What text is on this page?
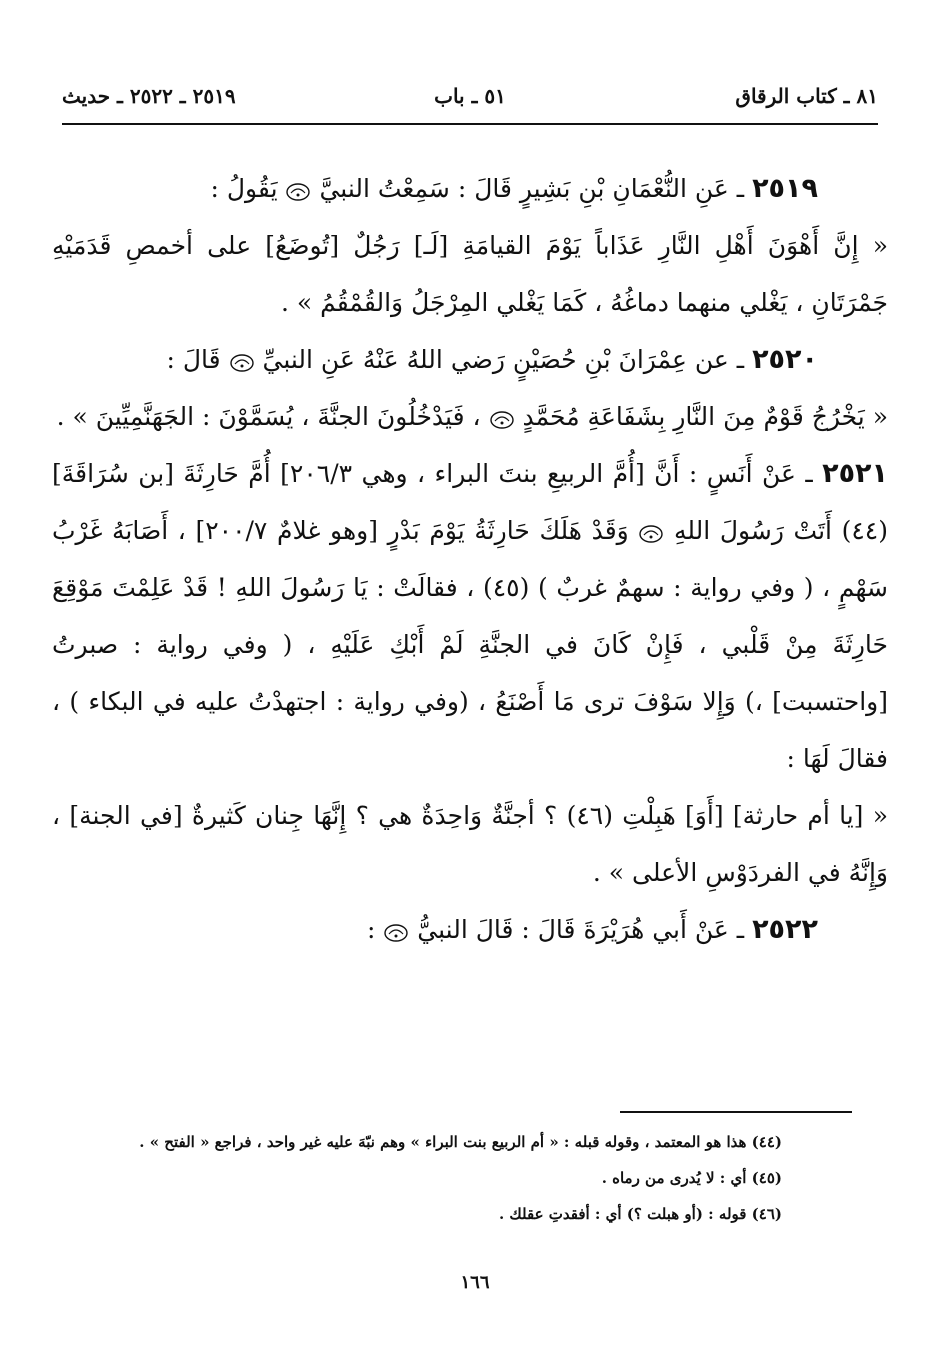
٨١ ـ كتاب الرقاق
٥١ ـ باب
٢٥١٩ ـ ٢٥٢٢ ـ حديث

٢٥١٩ ـ عَنِ النُّعْمَانِ بْنِ بَشِيرٍ قَالَ : سَمِعْتُ النبيَّ  يَقُولُ :

« إِنَّ أَهْوَنَ أَهْلِ النَّارِ عَذَاباً يَوْمَ القيامَةِ [لَـ] رَجُلٌ [تُوضَعُ] على أخمصِ قَدَمَيْهِ جَمْرَتَانِ ، يَغْلي منهما دماغُهُ ، كَمَا يَغْلي المِرْجَلُ وَالقُمْقُمُ » .

٢٥٢٠ ـ عن عِمْرَانَ بْنِ حُصَيْنٍ رَضي اللهُ عَنْهُ عَنِ النبيِّ  قَالَ :

« يَخْرُجُ قَوْمٌ مِنَ النَّارِ بِشَفَاعَةِ مُحَمَّدٍ  ، فَيَدْخُلُونَ الجنَّةَ ، يُسَمَّوْنَ : الجَهَنَّمِيِّينَ » .

٢٥٢١ ـ عَنْ أَنَسٍ : أَنَّ [أُمَّ الربيعِ بنتَ البراء ، وهي ٢٠٦/٣] أُمَّ حَارِثَةَ [بن سُرَاقَةَ] (٤٤) أَتَتْ رَسُولَ اللهِ  وَقَدْ هَلَكَ حَارِثَةُ يَوْمَ بَدْرٍ [وهو غلامٌ ٢٠٠/٧] ، أَصَابَهُ غَرْبُ سَهْمٍ ، ( وفي رواية : سهمٌ غربٌ ) (٤٥) ، فقالَتْ : يَا رَسُولَ اللهِ ! قَدْ عَلِمْتَ مَوْقِعَ حَارِثَةَ مِنْ قَلْبي ، فَإِنْ كَانَ في الجنَّةِ لَمْ أَبْكِ عَلَيْهِ ، ( وفي رواية : صبرتُ [واحتسبت] ،) وَإِلا سَوْفَ ترى مَا أَصْنَعُ ، (وفي رواية : اجتهدْتُ عليه في البكاء ) ، فقالَ لَهَا :

« [يا أم حارثة] [أَوَ] هَبِلْتِ (٤٦) ؟ أجنَّةٌ وَاحِدَةٌ هي ؟ إِنَّهَا جِنان كَثيرةٌ [في الجنة] ، وَإِنَّهُ في الفردَوْسِ الأعلى » .

٢٥٢٢ ـ عَنْ أَبي هُرَيْرَةَ قَالَ : قَالَ النبيُّ  :

(٤٤) هذا هو المعتمد ، وقوله قبله : « أم الربيع بنت البراء » وهم نبّهَ عليه غير واحد ، فراجع « الفتح » .

(٤٥) أي : لا يُدرى من رماه .

(٤٦) قوله : (أو هبلت ؟) أي : أفقدتِ عقلك .

١٦٦
